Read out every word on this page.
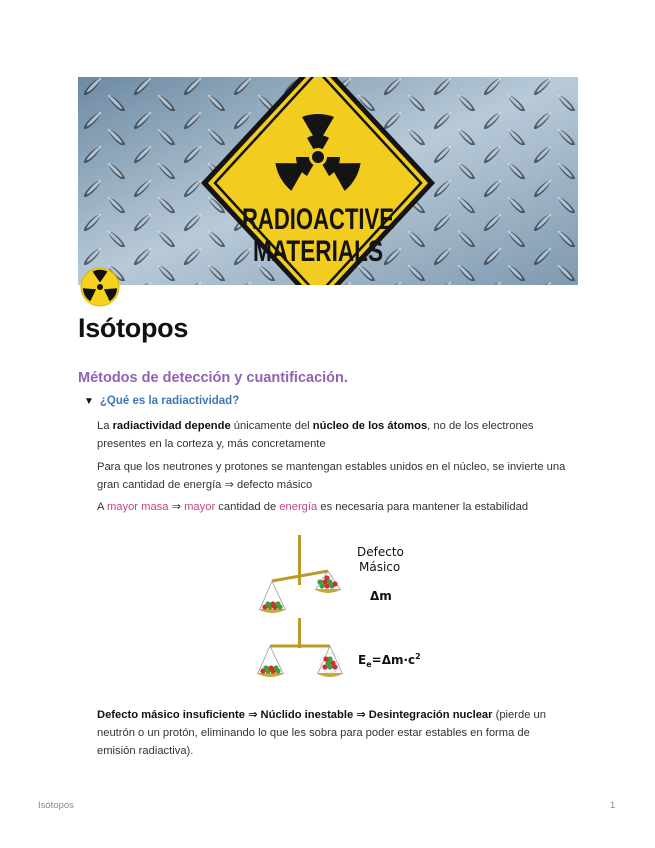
RADIOACTIVE
MATERIALS
Isótopos
Métodos de detección y cuantificación.
▼ ¿Qué es la radiactividad?

La radiactividad depende únicamente del núcleo de los átomos, no de los electrones presentes en la corteza y, más concretamente

Para que los neutrones y protones se mantengan estables unidos en el núcleo, se invierte una gran cantidad de energía ⇒ defecto másico

A mayor masa ⇒ mayor cantidad de energía es necesaria para mantener la estabilidad

Defecto
Másico
Δm
$E_e=\Delta m\cdot c^2$

Defecto másico insuficiente ⇒ Núclido inestable ⇒ Desintegración nuclear (pierde un neutrón o un protón, eliminando lo que les sobra para poder estar estables en forma de emisión radiactiva).

Isótopos	1
